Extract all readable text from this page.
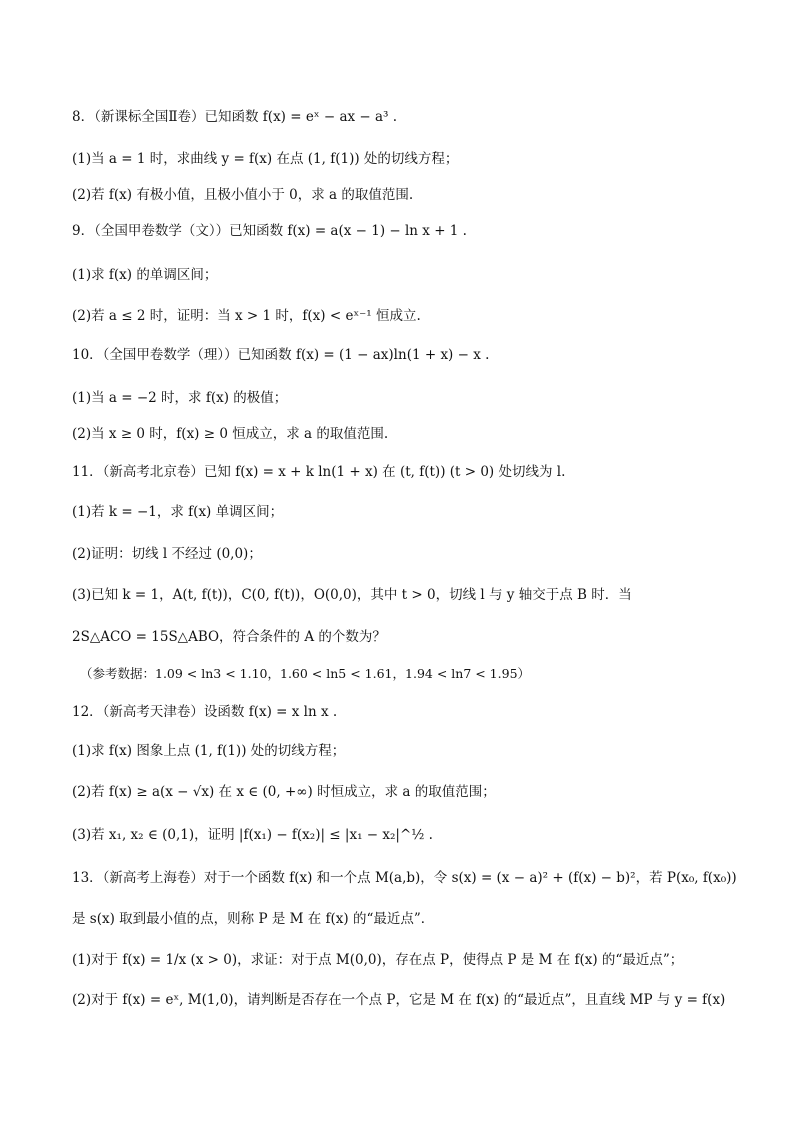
8．（新课标全国Ⅱ卷）已知函数 f(x) = eˣ − ax − a³ .
(1)当 a = 1 时，求曲线 y = f(x) 在点 (1, f(1)) 处的切线方程；
(2)若 f(x) 有极小值，且极小值小于 0，求 a 的取值范围.
9．（全国甲卷数学（文））已知函数 f(x) = a(x − 1) − ln x + 1 .
(1)求 f(x) 的单调区间；
(2)若 a ≤ 2 时，证明：当 x > 1 时，f(x) < eˣ⁻¹ 恒成立.
10．（全国甲卷数学（理））已知函数 f(x) = (1 − ax)ln(1 + x) − x .
(1)当 a = −2 时，求 f(x) 的极值；
(2)当 x ≥ 0 时，f(x) ≥ 0 恒成立，求 a 的取值范围.
11．（新高考北京卷）已知 f(x) = x + k ln(1 + x) 在 (t, f(t)) (t > 0) 处切线为 l.
(1)若 k = −1，求 f(x) 单调区间；
(2)证明：切线 l 不经过 (0,0)；
(3)已知 k = 1，A(t, f(t))，C(0, f(t))，O(0,0)，其中 t > 0，切线 l 与 y 轴交于点 B 时．当
2S△ACO = 15S△ABO，符合条件的 A 的个数为？
（参考数据：1.09 < ln3 < 1.10，1.60 < ln5 < 1.61，1.94 < ln7 < 1.95）
12．（新高考天津卷）设函数 f(x) = x ln x .
(1)求 f(x) 图象上点 (1, f(1)) 处的切线方程；
(2)若 f(x) ≥ a(x − √x) 在 x ∈ (0, +∞) 时恒成立，求 a 的取值范围；
(3)若 x₁, x₂ ∈ (0,1)，证明 |f(x₁) − f(x₂)| ≤ |x₁ − x₂|^½ .
13．（新高考上海卷）对于一个函数 f(x) 和一个点 M(a,b)，令 s(x) = (x − a)² + (f(x) − b)²，若 P(x₀, f(x₀))
是 s(x) 取到最小值的点，则称 P 是 M 在 f(x) 的“最近点”．
(1)对于 f(x) = 1/x (x > 0)，求证：对于点 M(0,0)，存在点 P，使得点 P 是 M 在 f(x) 的“最近点”；
(2)对于 f(x) = eˣ, M(1,0)，请判断是否存在一个点 P，它是 M 在 f(x) 的“最近点”，且直线 MP 与 y = f(x)
